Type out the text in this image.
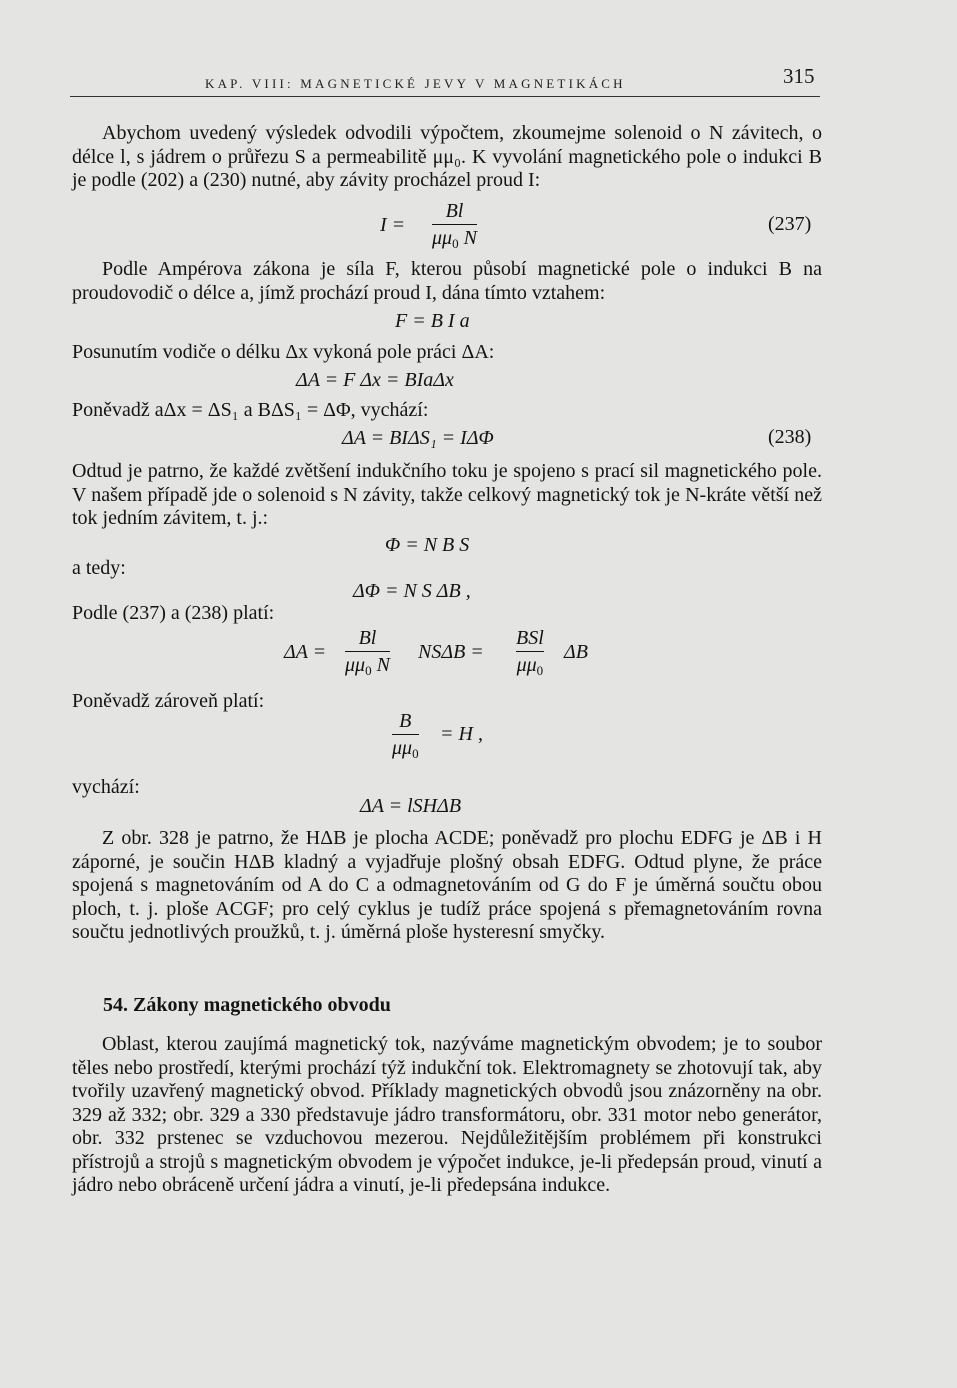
KAP. VIII: MAGNETICKÉ JEVY V MAGNETIKÁCH	315

Abychom uvedený výsledek odvodili výpočtem, zkoumejme solenoid o N závitech, o délce l, s jádrem o průřezu S a permeabilitě μμ₀. K vyvolání magnetického pole o indukci B je podle (202) a (230) nutné, aby závity procházel proud I:

$I = \frac{Bl}{\mu\mu_0 N}$	(237)

Podle Ampérova zákona je síla F, kterou působí magnetické pole o indukci B na proudovodič o délce a, jímž prochází proud I, dána tímto vztahem:

F = B I a
Posunutím vodiče o délku Δx vykoná pole práci ΔA:
ΔA = F Δx = BIaΔx
Poněvadž aΔx = ΔS₁ a BΔS₁ = ΔΦ, vychází:
ΔA = BIΔS₁ = IΔΦ	(238)

Odtud je patrno, že každé zvětšení indukčního toku je spojeno s prací sil magnetického pole. V našem případě jde o solenoid s N závity, takže celkový magnetický tok je N-kráte větší než tok jedním závitem, t. j.:

Φ = N B S
a tedy:
ΔΦ = N S ΔB ,
Podle (237) a (238) platí:
$\Delta A = \frac{Bl}{\mu\mu_0 N}$ NSΔB =
BSl
$\mu\mu_0$
ΔB
Poněvadž zároveň platí:
$\frac{B}{\mu\mu_0} = H$ ,
vychází:
ΔA = lSHΔB

Z obr. 328 je patrno, že HΔB je plocha ACDE; poněvadž pro plochu EDFG je ΔB i H záporné, je součin HΔB kladný a vyjadřuje plošný obsah EDFG. Odtud plyne, že práce spojená s magnetováním od A do C a odmagnetováním od G do F je úměrná součtu obou ploch, t. j. ploše ACGF; pro celý cyklus je tudíž práce spojená s přemagnetováním rovna součtu jednotlivých proužků, t. j. úměrná ploše hysteresní smyčky.

54. Zákony magnetického obvodu

Oblast, kterou zaujímá magnetický tok, nazýváme magnetickým obvodem; je to soubor těles nebo prostředí, kterými prochází týž indukční tok. Elektromagnety se zhotovují tak, aby tvořily uzavřený magnetický obvod. Příklady magnetických obvodů jsou znázorněny na obr. 329 až 332; obr. 329 a 330 představuje jádro transformátoru, obr. 331 motor nebo generátor, obr. 332 prstenec se vzduchovou mezerou. Nejdůležitějším problémem při konstrukci přístrojů a strojů s magnetickým obvodem je výpočet indukce, je-li předepsán proud, vinutí a jádro nebo obráceně určení jádra a vinutí, je-li předepsána indukce.
